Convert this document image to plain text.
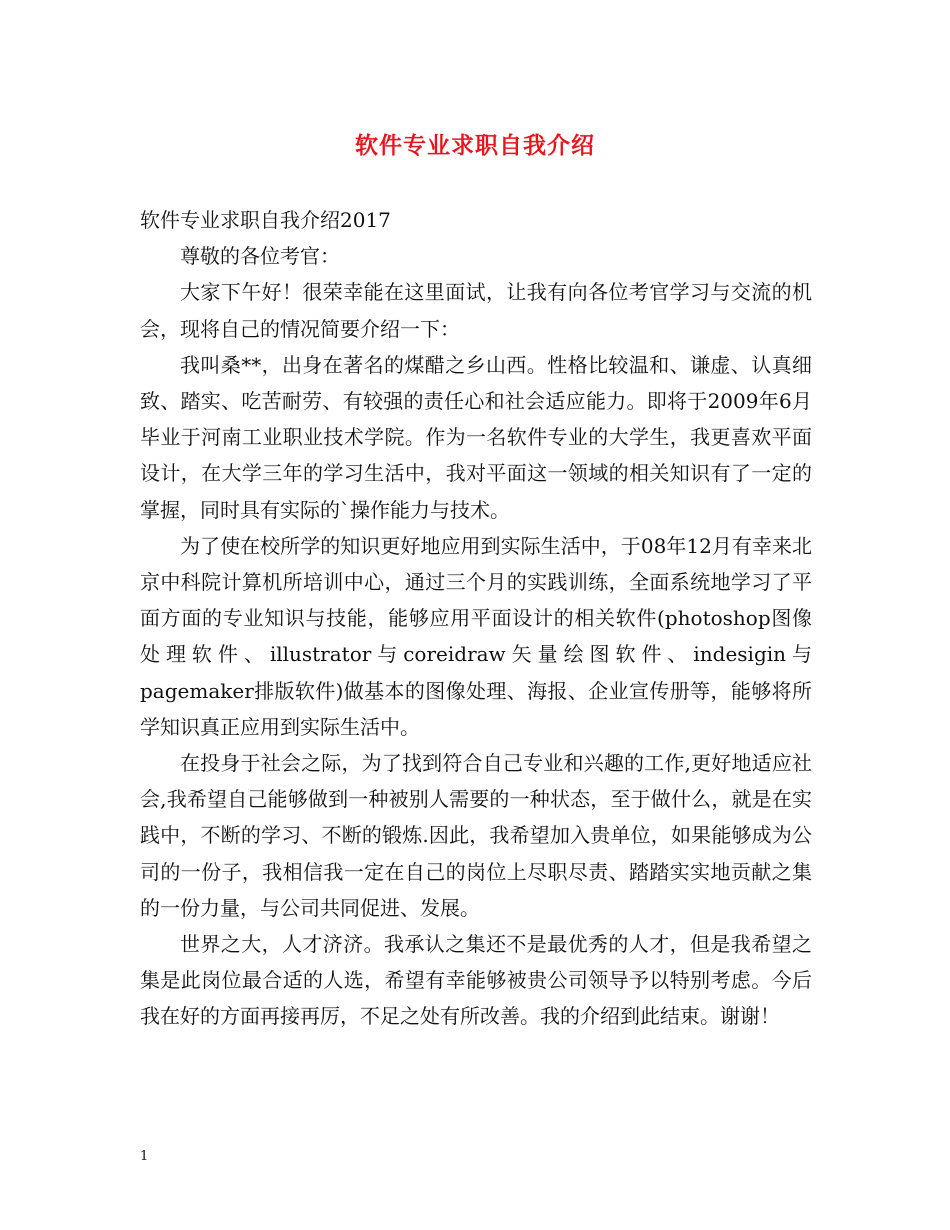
软件专业求职自我介绍

软件专业求职自我介绍2017

尊敬的各位考官：

大家下午好！很荣幸能在这里面试，让我有向各位考官学习与交流的机会，现将自己的情况简要介绍一下：

我叫桑**，出身在著名的煤醋之乡山西。性格比较温和、谦虚、认真细致、踏实、吃苦耐劳、有较强的责任心和社会适应能力。即将于2009年6月毕业于河南工业职业技术学院。作为一名软件专业的大学生，我更喜欢平面设计，在大学三年的学习生活中，我对平面这一领域的相关知识有了一定的掌握，同时具有实际的`操作能力与技术。

为了使在校所学的知识更好地应用到实际生活中，于08年12月有幸来北京中科院计算机所培训中心，通过三个月的实践训练，全面系统地学习了平面方面的专业知识与技能，能够应用平面设计的相关软件(photoshop图像处理软件、illustrator与coreidraw矢量绘图软件、indesigin与pagemaker排版软件)做基本的图像处理、海报、企业宣传册等，能够将所学知识真正应用到实际生活中。

在投身于社会之际，为了找到符合自己专业和兴趣的工作,更好地适应社会,我希望自己能够做到一种被别人需要的一种状态，至于做什么，就是在实践中，不断的学习、不断的锻炼.因此，我希望加入贵单位，如果能够成为公司的一份子，我相信我一定在自己的岗位上尽职尽责、踏踏实实地贡献之集的一份力量，与公司共同促进、发展。

世界之大，人才济济。我承认之集还不是最优秀的人才，但是我希望之集是此岗位最合适的人选，希望有幸能够被贵公司领导予以特别考虑。今后我在好的方面再接再厉，不足之处有所改善。我的介绍到此结束。谢谢！

1
